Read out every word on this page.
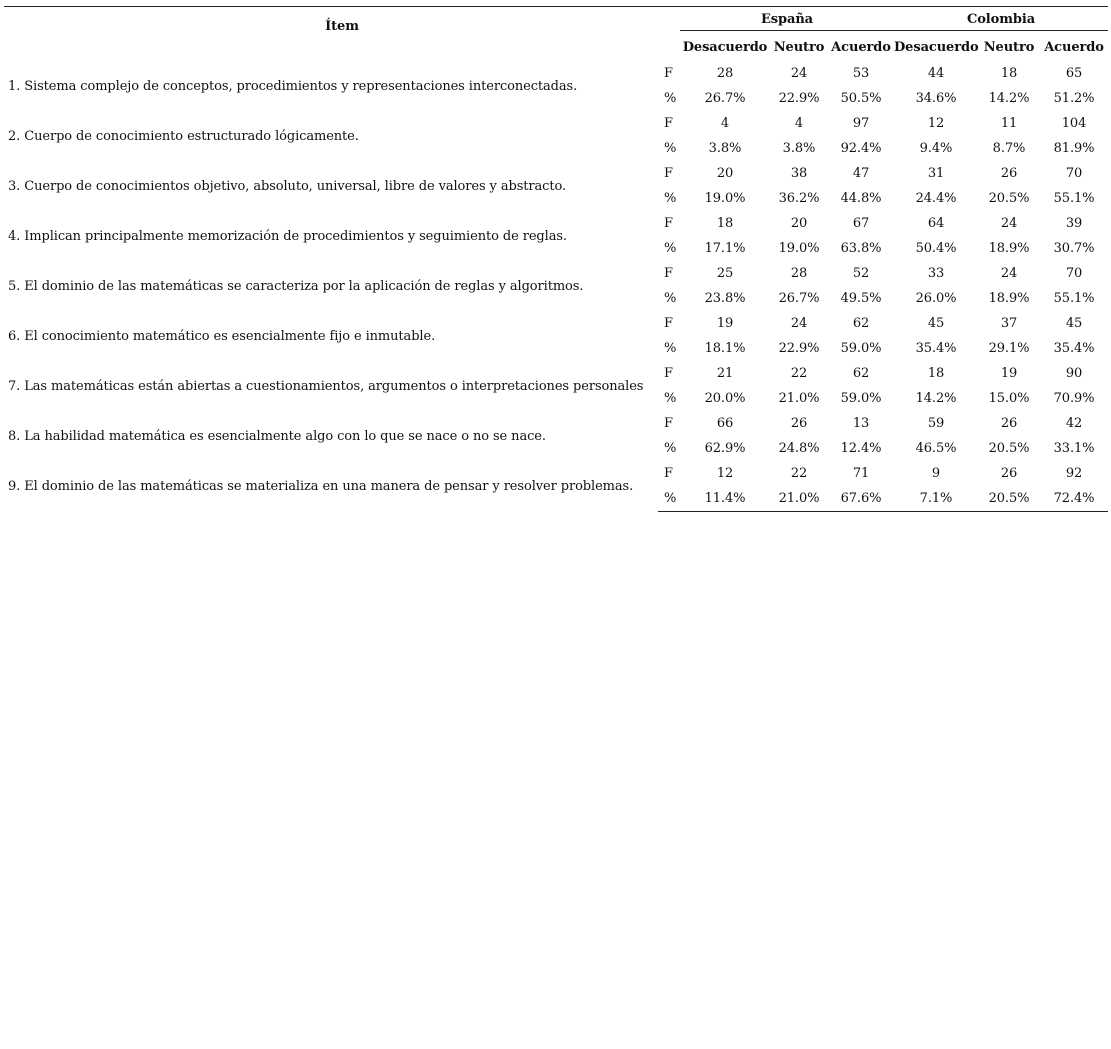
Ítem		España			Colombia		
		Desacuerdo	Neutro	Acuerdo	Desacuerdo	Neutro	Acuerdo
1. Sistema complejo de conceptos, procedimientos y representaciones interconectadas.	F	28	24	53	44	18	65
	%	26.7%	22.9%	50.5%	34.6%	14.2%	51.2%
2. Cuerpo de conocimiento estructurado lógicamente.	F	4	4	97	12	11	104
	%	3.8%	3.8%	92.4%	9.4%	8.7%	81.9%
3. Cuerpo de conocimientos objetivo, absoluto, universal, libre de valores y abstracto.	F	20	38	47	31	26	70
	%	19.0%	36.2%	44.8%	24.4%	20.5%	55.1%
4. Implican principalmente memorización de procedimientos y seguimiento de reglas.	F	18	20	67	64	24	39
	%	17.1%	19.0%	63.8%	50.4%	18.9%	30.7%
5. El dominio de las matemáticas se caracteriza por la aplicación de reglas y algoritmos.	F	25	28	52	33	24	70
	%	23.8%	26.7%	49.5%	26.0%	18.9%	55.1%
6. El conocimiento matemático es esencialmente fijo e inmutable.	F	19	24	62	45	37	45
	%	18.1%	22.9%	59.0%	35.4%	29.1%	35.4%
7. Las matemáticas están abiertas a cuestionamientos, argumentos o interpretaciones personales	F	21	22	62	18	19	90
	%	20.0%	21.0%	59.0%	14.2%	15.0%	70.9%
8. La habilidad matemática es esencialmente algo con lo que se nace o no se nace.	F	66	26	13	59	26	42
	%	62.9%	24.8%	12.4%	46.5%	20.5%	33.1%
9. El dominio de las matemáticas se materializa en una manera de pensar y resolver problemas.	F	12	22	71	9	26	92
	%	11.4%	21.0%	67.6%	7.1%	20.5%	72.4%
